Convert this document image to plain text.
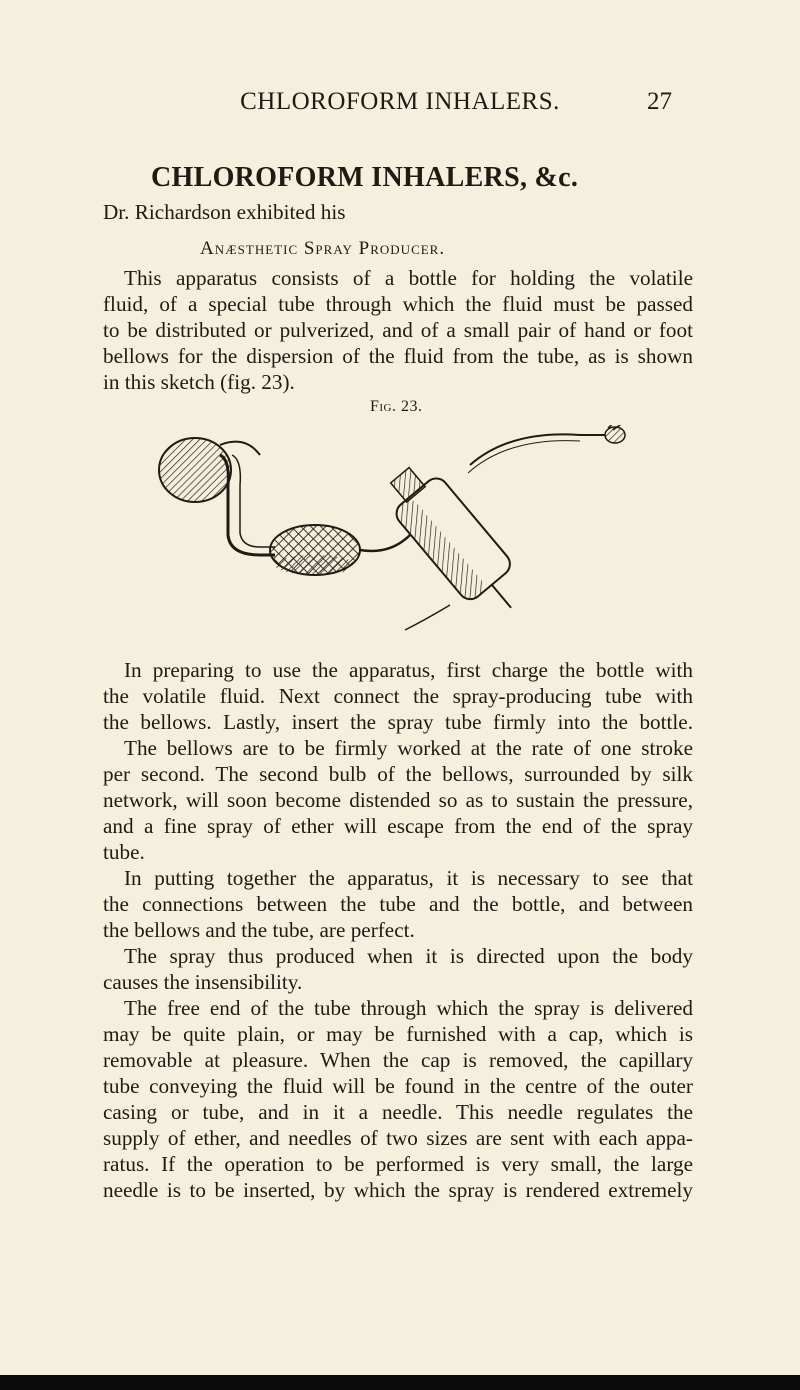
CHLOROFORM INHALERS.	27
CHLOROFORM INHALERS, &c.
Dr. Richardson exhibited his
Anæsthetic Spray Producer.
This apparatus consists of a bottle for holding the volatile
fluid, of a special tube through which the fluid must be passed
to be distributed or pulverized, and of a small pair of hand or foot
bellows for the dispersion of the fluid from the tube, as is shown
in this sketch (fig. 23).
Fig. 23.
In preparing to use the apparatus, first charge the bottle with
the volatile fluid. Next connect the spray-producing tube with
the bellows. Lastly, insert the spray tube firmly into the bottle.
The bellows are to be firmly worked at the rate of one stroke
per second. The second bulb of the bellows, surrounded by silk
network, will soon become distended so as to sustain the pressure,
and a fine spray of ether will escape from the end of the spray
tube.
In putting together the apparatus, it is necessary to see that
the connections between the tube and the bottle, and between
the bellows and the tube, are perfect.
The spray thus produced when it is directed upon the body
causes the insensibility.
The free end of the tube through which the spray is delivered
may be quite plain, or may be furnished with a cap, which is
removable at pleasure. When the cap is removed, the capillary
tube conveying the fluid will be found in the centre of the outer
casing or tube, and in it a needle. This needle regulates the
supply of ether, and needles of two sizes are sent with each appa-
ratus. If the operation to be performed is very small, the large
needle is to be inserted, by which the spray is rendered extremely
